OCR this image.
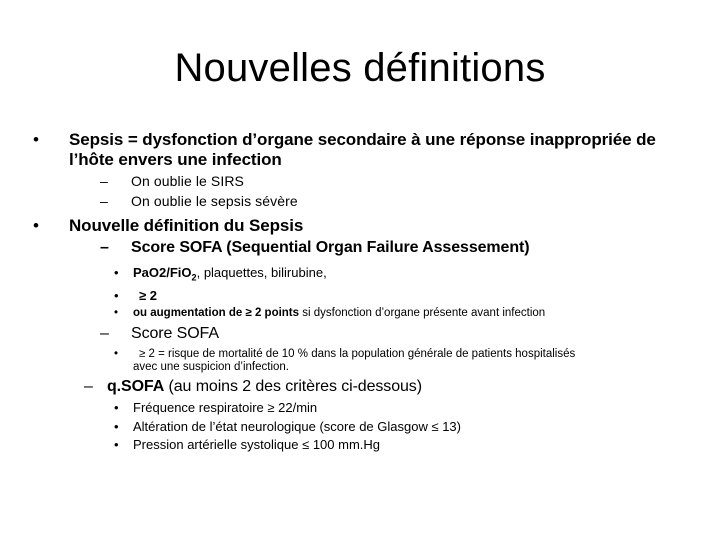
Nouvelles définitions
• Sepsis = dysfonction d’organe secondaire à une réponse inappropriée de
l’hôte envers une infection
– On oublie le SIRS
– On oublie le sepsis sévère
• Nouvelle définition du Sepsis
– Score SOFA (Sequential Organ Failure Assessement)
• PaO2/FiO$_2$, plaquettes, bilirubine,
• ≥ 2
• ou augmentation de ≥ 2 points si dysfonction d’organe présente avant infection
– Score SOFA
• ≥ 2 = risque de mortalité de 10 % dans la population générale de patients hospitalisés
avec une suspicion d’infection.
– q.SOFA (au moins 2 des critères ci-dessous)
• Fréquence respiratoire ≥ 22/min
• Altération de l’état neurologique (score de Glasgow ≤ 13)
• Pression artérielle systolique ≤ 100 mm.Hg
